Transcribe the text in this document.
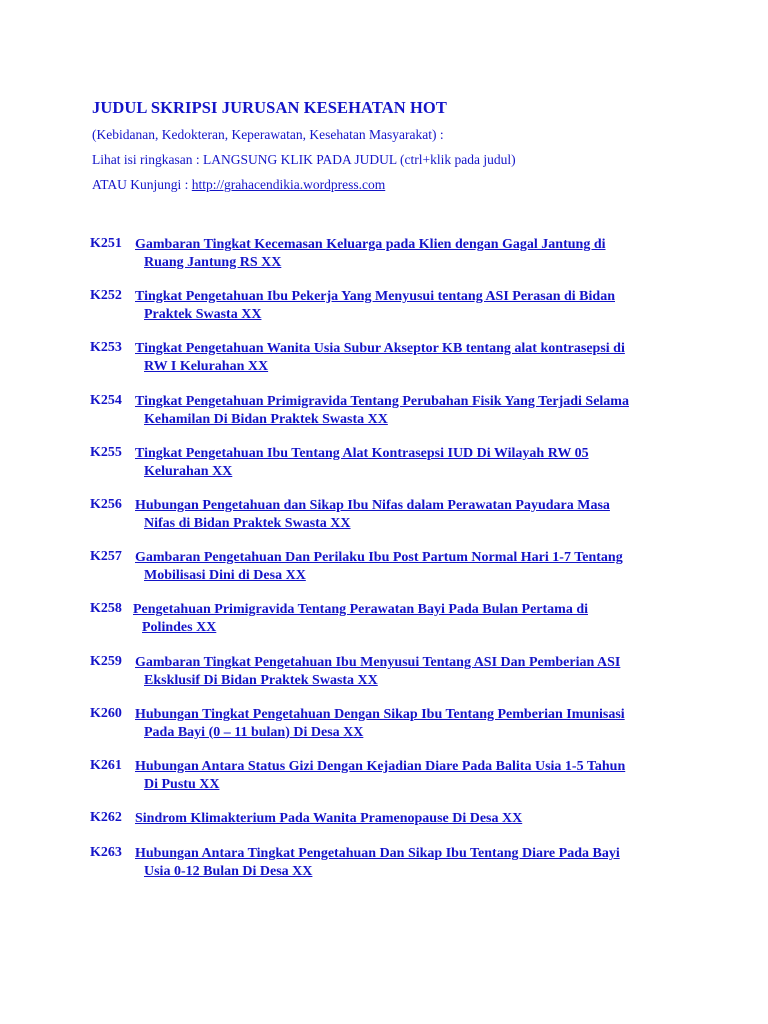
JUDUL SKRIPSI JURUSAN KESEHATAN HOT
(Kebidanan, Kedokteran, Keperawatan, Kesehatan Masyarakat) :
Lihat isi ringkasan : LANGSUNG KLIK PADA JUDUL (ctrl+klik pada judul)
ATAU Kunjungi : http://grahacendikia.wordpress.com
K251 Gambaran Tingkat Kecemasan Keluarga pada Klien dengan Gagal Jantung di
Ruang Jantung RS XX
K252 Tingkat Pengetahuan Ibu Pekerja Yang Menyusui tentang ASI Perasan di Bidan
Praktek Swasta XX
K253 Tingkat Pengetahuan Wanita Usia Subur Akseptor KB tentang alat kontrasepsi di
RW I Kelurahan XX
K254 Tingkat Pengetahuan Primigravida Tentang Perubahan Fisik Yang Terjadi Selama
Kehamilan Di Bidan Praktek Swasta XX
K255 Tingkat Pengetahuan Ibu Tentang Alat Kontrasepsi IUD Di Wilayah RW 05
Kelurahan XX
K256 Hubungan Pengetahuan dan Sikap Ibu Nifas dalam Perawatan Payudara Masa
Nifas di Bidan Praktek Swasta XX
K257 Gambaran Pengetahuan Dan Perilaku Ibu Post Partum Normal Hari 1-7 Tentang
Mobilisasi Dini di Desa XX
K258 Pengetahuan Primigravida Tentang Perawatan Bayi Pada Bulan Pertama di
Polindes XX
K259 Gambaran Tingkat Pengetahuan Ibu Menyusui Tentang ASI Dan Pemberian ASI
Eksklusif Di Bidan Praktek Swasta XX
K260 Hubungan Tingkat Pengetahuan Dengan Sikap Ibu Tentang Pemberian Imunisasi
Pada Bayi (0 – 11 bulan) Di Desa XX
K261 Hubungan Antara Status Gizi Dengan Kejadian Diare Pada Balita Usia 1-5 Tahun
Di Pustu XX
K262 Sindrom Klimakterium Pada Wanita Pramenopause Di Desa XX
K263 Hubungan Antara Tingkat Pengetahuan Dan Sikap Ibu Tentang Diare Pada Bayi
Usia 0-12 Bulan Di Desa XX
